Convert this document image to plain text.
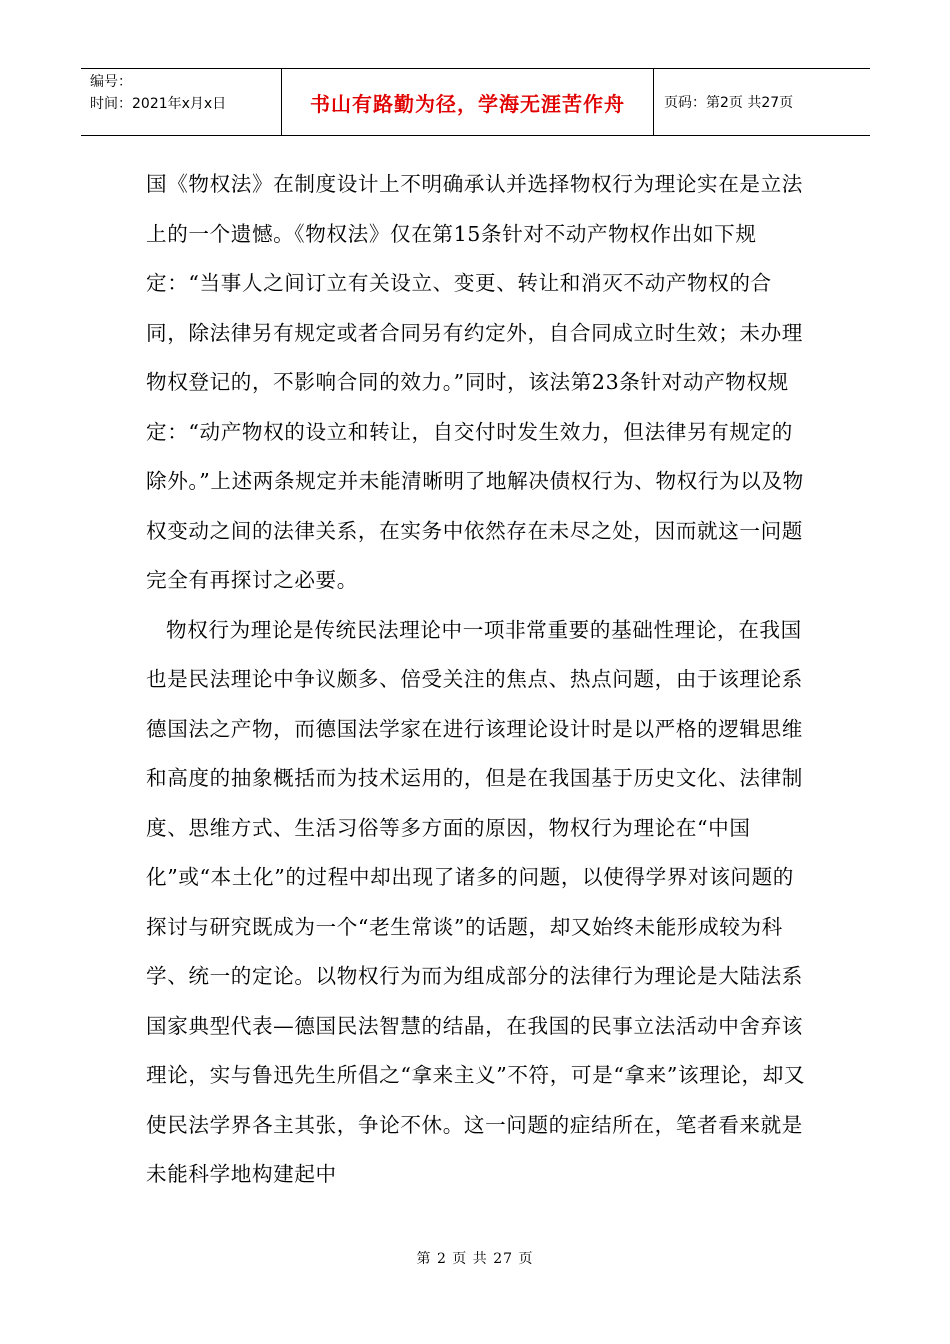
编号：
时间：2021年x月x日	书山有路勤为径，学海无涯苦作舟	页码：第2页 共27页

国《物权法》在制度设计上不明确承认并选择物权行为理论实在是立法上的一个遗憾。《物权法》仅在第15条针对不动产物权作出如下规定：“当事人之间订立有关设立、变更、转让和消灭不动产物权的合同，除法律另有规定或者合同另有约定外，自合同成立时生效；未办理物权登记的，不影响合同的效力。”同时，该法第23条针对动产物权规定：“动产物权的设立和转让，自交付时发生效力，但法律另有规定的除外。”上述两条规定并未能清晰明了地解决债权行为、物权行为以及物权变动之间的法律关系，在实务中依然存在未尽之处，因而就这一问题完全有再探讨之必要。

物权行为理论是传统民法理论中一项非常重要的基础性理论，在我国也是民法理论中争议颇多、倍受关注的焦点、热点问题，由于该理论系德国法之产物，而德国法学家在进行该理论设计时是以严格的逻辑思维和高度的抽象概括而为技术运用的，但是在我国基于历史文化、法律制度、思维方式、生活习俗等多方面的原因，物权行为理论在“中国化”或“本土化”的过程中却出现了诸多的问题，以使得学界对该问题的探讨与研究既成为一个“老生常谈”的话题，却又始终未能形成较为科学、统一的定论。以物权行为而为组成部分的法律行为理论是大陆法系国家典型代表—德国民法智慧的结晶，在我国的民事立法活动中舍弃该理论，实与鲁迅先生所倡之“拿来主义”不符，可是“拿来”该理论，却又使民法学界各主其张，争论不休。这一问题的症结所在，笔者看来就是未能科学地构建起中

第 2 页 共 27 页
